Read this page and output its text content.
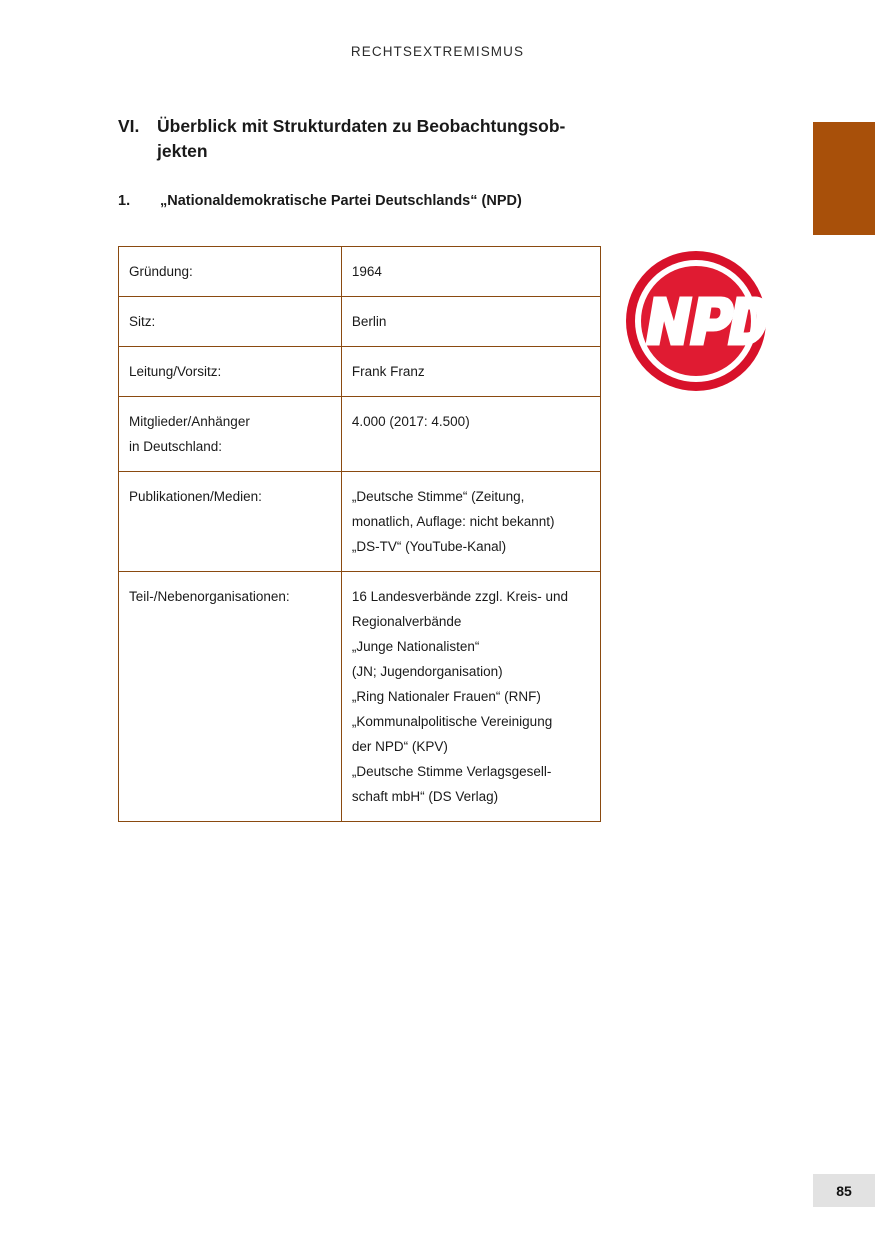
RECHTSEXTREMISMUS
VI. Überblick mit Strukturdaten zu Beobachtungsob-
jekten
1. „Nationaldemokratische Partei Deutschlands“ (NPD)
Gründung:	1964

Sitz:	Berlin

Leitung/Vorsitz:	Frank Franz

Mitglieder/Anhänger
in Deutschland:	4.000 (2017: 4.500)

Publikationen/Medien:	„Deutsche Stimme“ (Zeitung,
monatlich, Auflage: nicht bekannt)
„DS-TV“ (YouTube-Kanal)

Teil-/Nebenorganisationen:	16 Landesverbände zzgl. Kreis- und
Regionalverbände
„Junge Nationalisten“
(JN; Jugendorganisation)
„Ring Nationaler Frauen“ (RNF)
„Kommunalpolitische Vereinigung
der NPD“ (KPV)
„Deutsche Stimme Verlagsgesell-
schaft mbH“ (DS Verlag)
85
